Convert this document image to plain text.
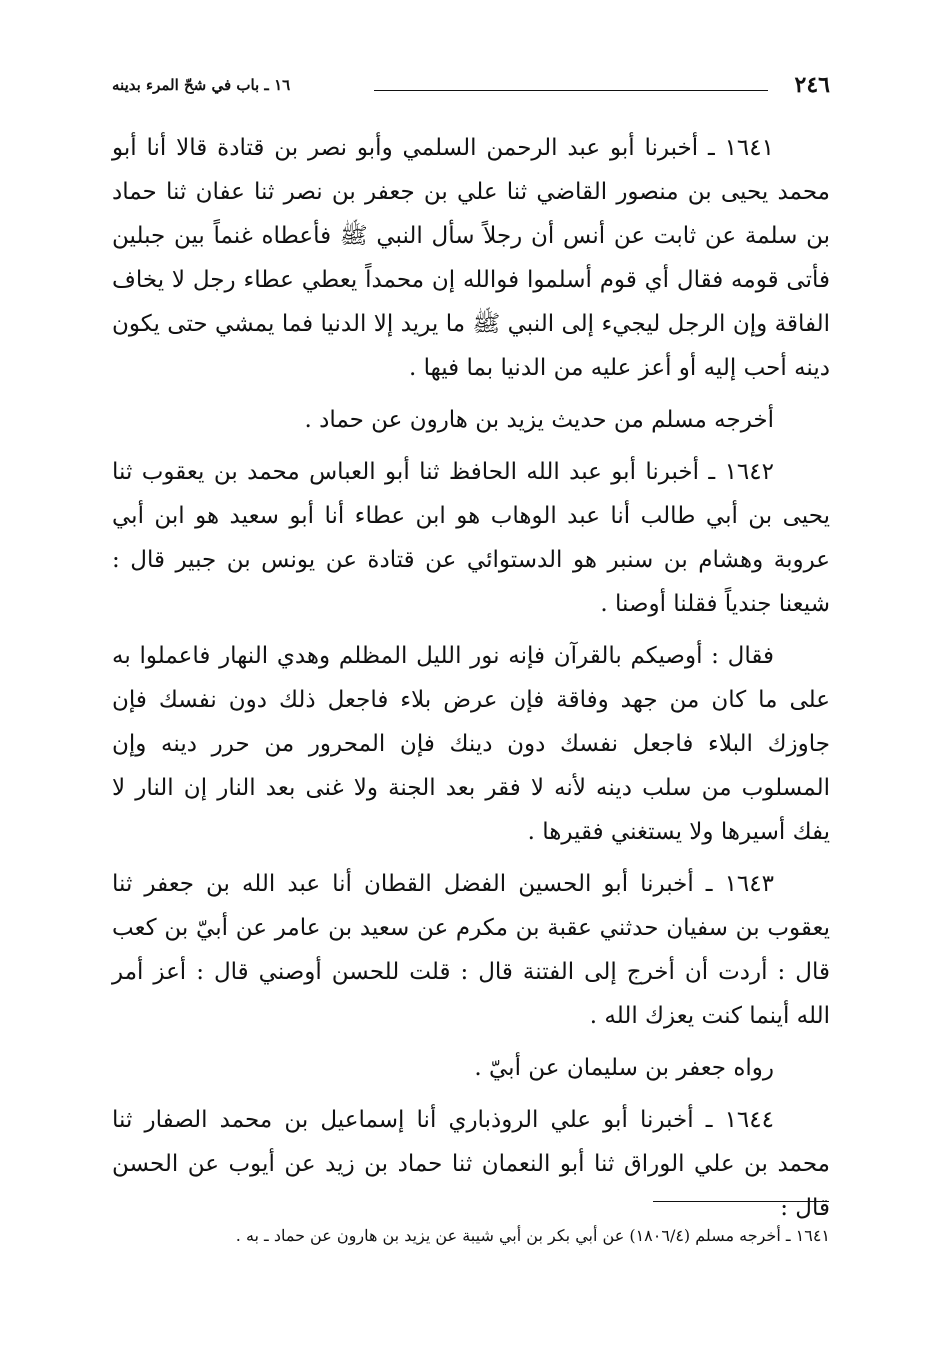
٢٤٦
١٦ ـ باب في شحّ المرء بدينه

١٦٤١ ـ أخبرنا أبو عبد الرحمن السلمي وأبو نصر بن قتادة قالا أنا أبو محمد يحيى بن منصور القاضي ثنا علي بن جعفر بن نصر ثنا عفان ثنا حماد بن سلمة عن ثابت عن أنس أن رجلاً سأل النبي ﷺ فأعطاه غنماً بين جبلين فأتى قومه فقال أي قوم أسلموا فوالله إن محمداً يعطي عطاء رجل لا يخاف الفاقة وإن الرجل ليجيء إلى النبي ﷺ ما يريد إلا الدنيا فما يمشي حتى يكون دينه أحب إليه أو أعز عليه من الدنيا بما فيها .

أخرجه مسلم من حديث يزيد بن هارون عن حماد .

١٦٤٢ ـ أخبرنا أبو عبد الله الحافظ ثنا أبو العباس محمد بن يعقوب ثنا يحيى بن أبي طالب أنا عبد الوهاب هو ابن عطاء أنا أبو سعيد هو ابن أبي عروبة وهشام بن سنبر هو الدستوائي عن قتادة عن يونس بن جبير قال : شيعنا جندياً فقلنا أوصنا .

فقال : أوصيكم بالقرآن فإنه نور الليل المظلم وهدي النهار فاعملوا به على ما كان من جهد وفاقة فإن عرض بلاء فاجعل ذلك دون نفسك فإن جاوزك البلاء فاجعل نفسك دون دينك فإن المحرور من حرر دينه وإن المسلوب من سلب دينه لأنه لا فقر بعد الجنة ولا غنى بعد النار إن النار لا يفك أسيرها ولا يستغني فقيرها .

١٦٤٣ ـ أخبرنا أبو الحسين الفضل القطان أنا عبد الله بن جعفر ثنا يعقوب بن سفيان حدثني عقبة بن مكرم عن سعيد بن عامر عن أبيّ بن كعب قال : أردت أن أخرج إلى الفتنة قال : قلت للحسن أوصني قال : أعز أمر الله أينما كنت يعزك الله .

رواه جعفر بن سليمان عن أبيّ .

١٦٤٤ ـ أخبرنا أبو علي الروذباري أنا إسماعيل بن محمد الصفار ثنا محمد بن علي الوراق ثنا أبو النعمان ثنا حماد بن زيد عن أيوب عن الحسن قال :

١٦٤١ ـ أخرجه مسلم (١٨٠٦/٤) عن أبي بكر بن أبي شيبة عن يزيد بن هارون عن حماد ـ به .
